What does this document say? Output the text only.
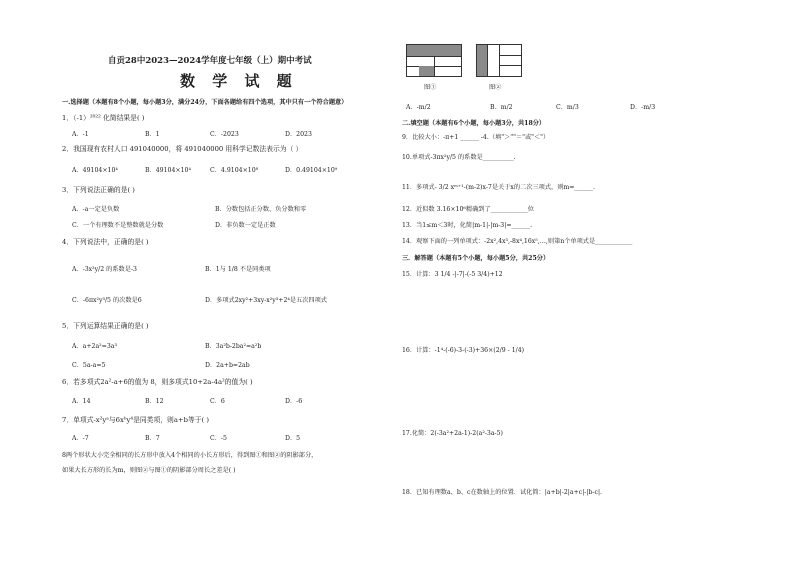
自贡28中2023—2024学年度七年级（上）期中考试
数 学 试 题
一.选择题（本题有8个小题，每小题3分，满分24分，下面各题给有四个选项，其中只有一个符合题意）
1．（-1）²⁰²² 化简结果是( )
A．-1	B．1	C．-2023	D．2023
2．我国现有农村人口 491040000，将 491040000 用科学记数法表示为（ ）
A．49104×10⁴	B．49104×10⁴	C．4.9104×10⁸	D．0.49104×10⁹
3．下列说法正确的是( )
A．-a一定是负数	B．分数包括正分数、负分数和零
C．一个有理数不是整数就是分数	D．非负数一定是正数
4．下列说法中，正确的是( )
A．-3x²y/2 的系数是-3	B．1与 1/8 不是同类项
C．-6πx²y³/5 的次数是6	D．多项式2xy²+3xy-x²y³+2⁴是五次四项式
5．下列运算结果正确的是( )
A．a+2a²=3a³	B．3a²b-2ba²=a²b
C．5a-a=5	D．2a+b=2ab
6．若多项式2a²-a+6的值为 8，则多项式10+2a-4a²的值为( )
A．14	B．12	C．6	D．-6
7．单项式-x²yᵃ与6xᵇy⁴是同类项，则a+b等于( )
A．-7	B．7	C．-5	D．5
8两个形状大小完全相同的长方形中放入4个相同的小长方形后，得到图①和图②的阴影部分，
如果大长方形的长为m，则图②与图①的阴影部分周长之差是( )
图①	图②
A．-m/2	B．m/2	C．m/3	D．-m/3
二.填空题（本题有6个小题，每小题3分，共18分）
9．比较大小：-π+1 ______ -4.（填"＞""＝"或"＜"）
10.单项式-3πx²y/5 的系数是__________.
11．多项式- 3/2 xᵐ⁺¹-(m-2)x-7是关于x的二次三项式，则m=______.
12．近似数 3.16×10⁶精确到了____________位
13．当1≤m＜3时，化简|m-1|-|m-3|=______.
14．观察下面的一列单项式：-2x²,4x³,-8x⁴,16x⁵,…,则第n个单项式是____________
三．解答题（本题有5个小题，每小题5分，共25分）
15．计算：3 1/4 -|-7|-(-5 3/4)+12
16．计算：-1⁴-(-6)-3-(-3)+36×(2/9 - 1/4)
17.化简：2(-3a²+2a-1)-2(a²-3a-5)
18．已知有理数a、b、c在数轴上的位置．试化简：|a+b|-2|a+c|-|b-c|.
